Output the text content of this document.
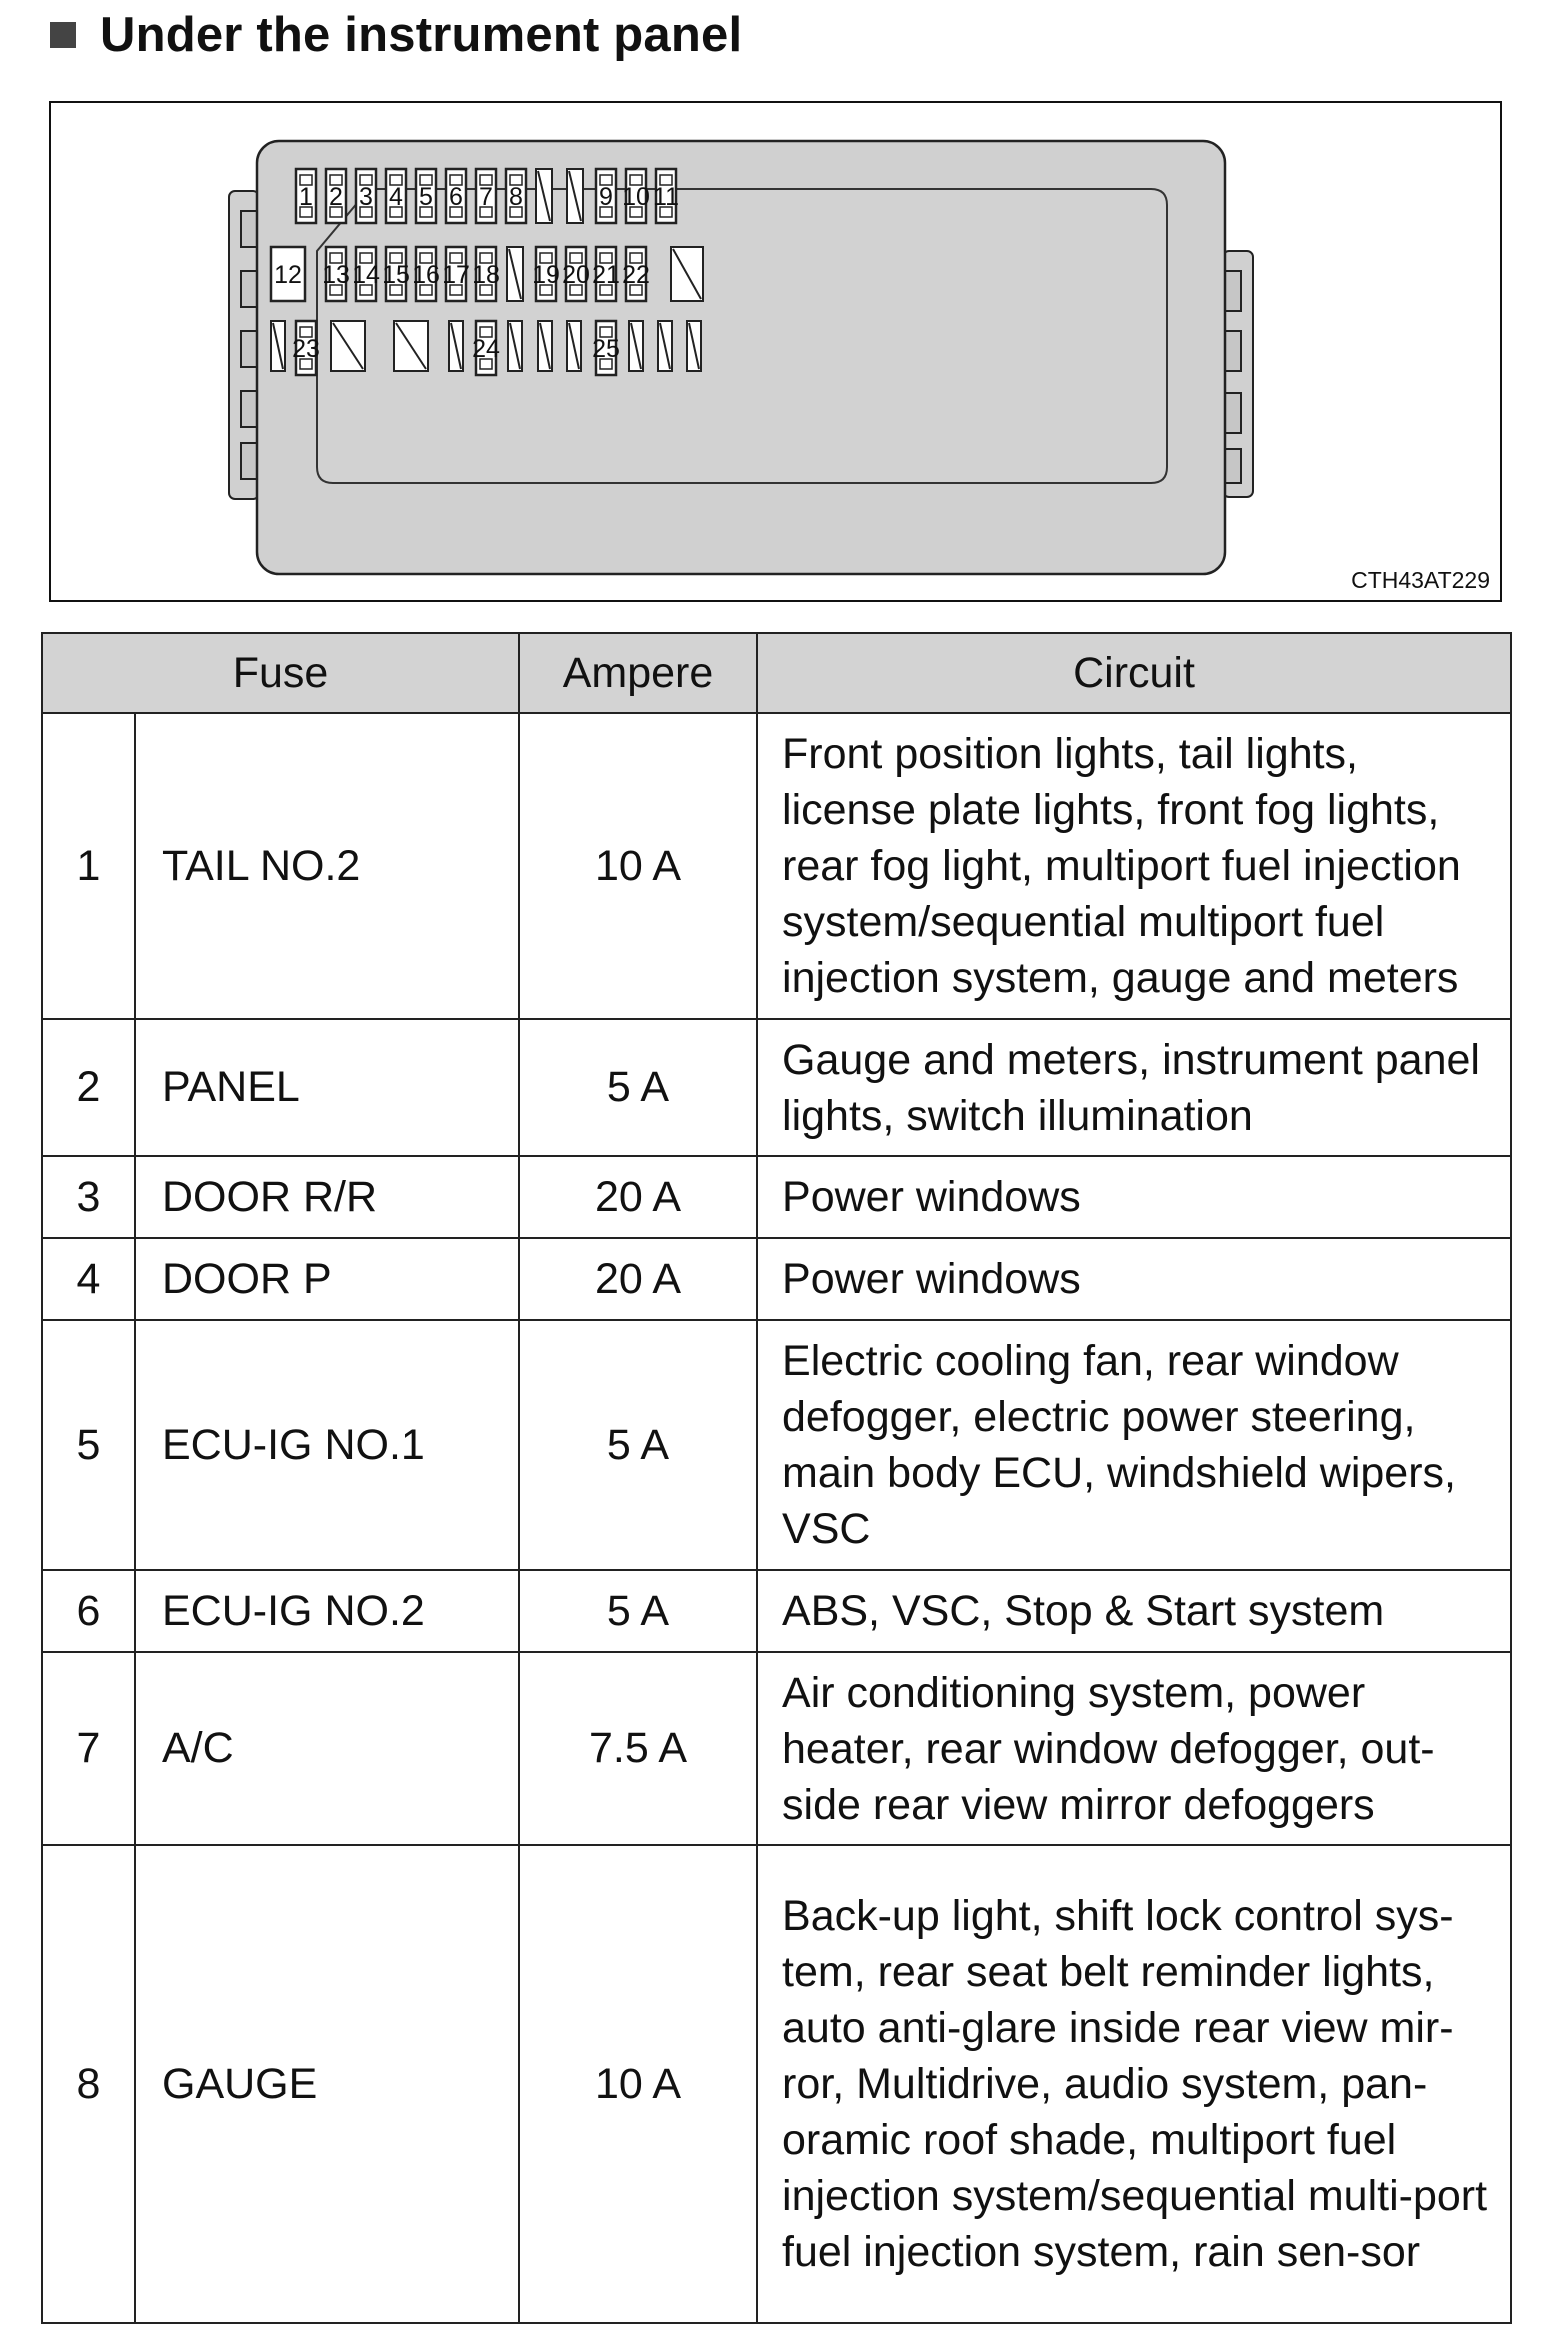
Under the instrument panel
1 2 3 4 5 6 7 8	9 10 11
12 13 14 15 16 17 18 19 20 21 22
23	24	25
CTH43AT229
Fuse		Ampere	Circuit
1	TAIL NO.2	10 A	Front position lights, tail lights, license plate lights, front fog lights, rear fog light, multiport fuel injection system/sequential multiport fuel injection system, gauge and meters
2	PANEL	5 A	Gauge and meters, instrument panel lights, switch illumination
3	DOOR R/R	20 A	Power windows
4	DOOR P	20 A	Power windows
5	ECU-IG NO.1	5 A	Electric cooling fan, rear window defogger, electric power steering, main body ECU, windshield wipers, VSC
6	ECU-IG NO.2	5 A	ABS, VSC, Stop & Start system
7	A/C	7.5 A	Air conditioning system, power heater, rear window defogger, out-side rear view mirror defoggers
8	GAUGE	10 A	Back-up light, shift lock control sys-tem, rear seat belt reminder lights, auto anti-glare inside rear view mir-ror, Multidrive, audio system, pan-oramic roof shade, multiport fuel injection system/sequential multi-port fuel injection system, rain sen-sor
